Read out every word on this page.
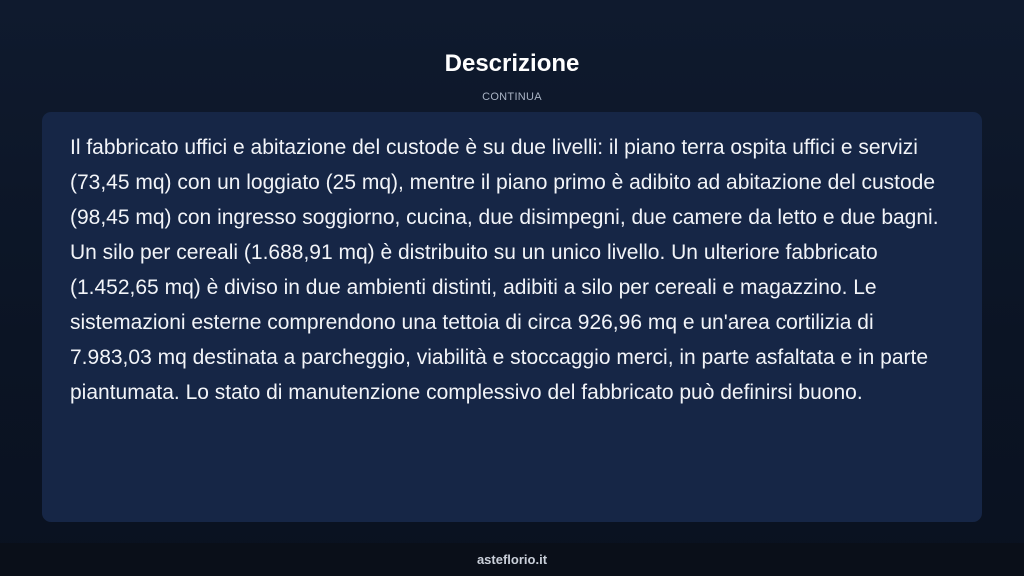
Descrizione
CONTINUA

Il fabbricato uffici e abitazione del custode è su due livelli: il piano terra ospita uffici e servizi (73,45 mq) con un loggiato (25 mq), mentre il piano primo è adibito ad abitazione del custode (98,45 mq) con ingresso soggiorno, cucina, due disimpegni, due camere da letto e due bagni. Un silo per cereali (1.688,91 mq) è distribuito su un unico livello. Un ulteriore fabbricato (1.452,65 mq) è diviso in due ambienti distinti, adibiti a silo per cereali e magazzino. Le sistemazioni esterne comprendono una tettoia di circa 926,96 mq e un'area cortilizia di 7.983,03 mq destinata a parcheggio, viabilità e stoccaggio merci, in parte asfaltata e in parte piantumata. Lo stato di manutenzione complessivo del fabbricato può definirsi buono.

asteflorio.it
